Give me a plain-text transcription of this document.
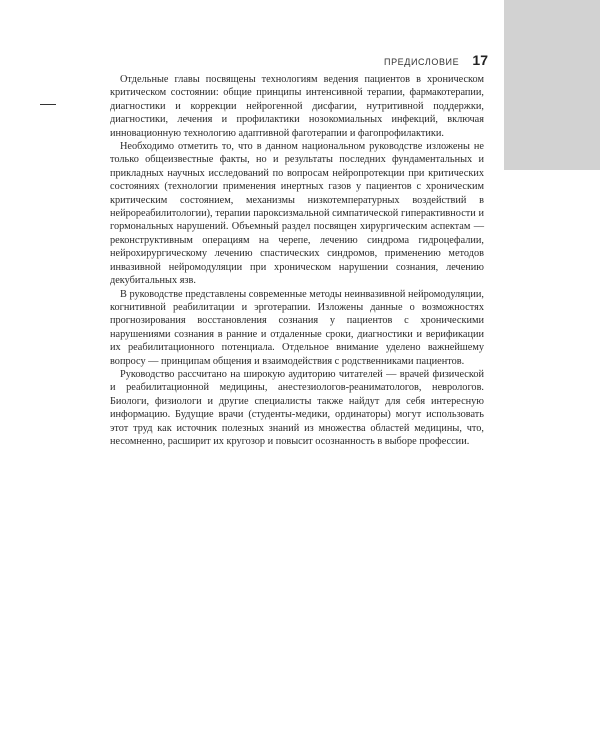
ПРЕДИСЛОВИЕ 17

Отдельные главы посвящены технологиям ведения пациентов в хроническом критическом состоянии: общие принципы интенсивной терапии, фармакотерапии, диагностики и коррекции нейрогенной дисфагии, нутритивной поддержки, диагностики, лечения и профилактики нозокомиальных инфекций, включая инновационную технологию адаптивной фаготерапии и фагопрофилактики.

Необходимо отметить то, что в данном национальном руководстве изложены не только общеизвестные факты, но и результаты последних фундаментальных и прикладных научных исследований по вопросам нейропротекции при критических состояниях (технологии применения инертных газов у пациентов с хроническим критическим состоянием, механизмы низкотемпературных воздействий в нейрореабилитологии), терапии пароксизмальной симпатической гиперактивности и гормональных нарушений. Объемный раздел посвящен хирургическим аспектам — реконструктивным операциям на черепе, лечению синдрома гидроцефалии, нейрохирургическому лечению спастических синдромов, применению методов инвазивной нейромодуляции при хроническом нарушении сознания, лечению декубитальных язв.

В руководстве представлены современные методы неинвазивной нейромодуляции, когнитивной реабилитации и эрготерапии. Изложены данные о возможностях прогнозирования восстановления сознания у пациентов с хроническими нарушениями сознания в ранние и отдаленные сроки, диагностики и верификации их реабилитационного потенциала. Отдельное внимание уделено важнейшему вопросу — принципам общения и взаимодействия с родственниками пациентов.

Руководство рассчитано на широкую аудиторию читателей — врачей физической и реабилитационной медицины, анестезиологов-реаниматологов, неврологов. Биологи, физиологи и другие специалисты также найдут для себя интересную информацию. Будущие врачи (студенты-медики, ординаторы) могут использовать этот труд как источник полезных знаний из множества областей медицины, что, несомненно, расширит их кругозор и повысит осознанность в выборе профессии.
